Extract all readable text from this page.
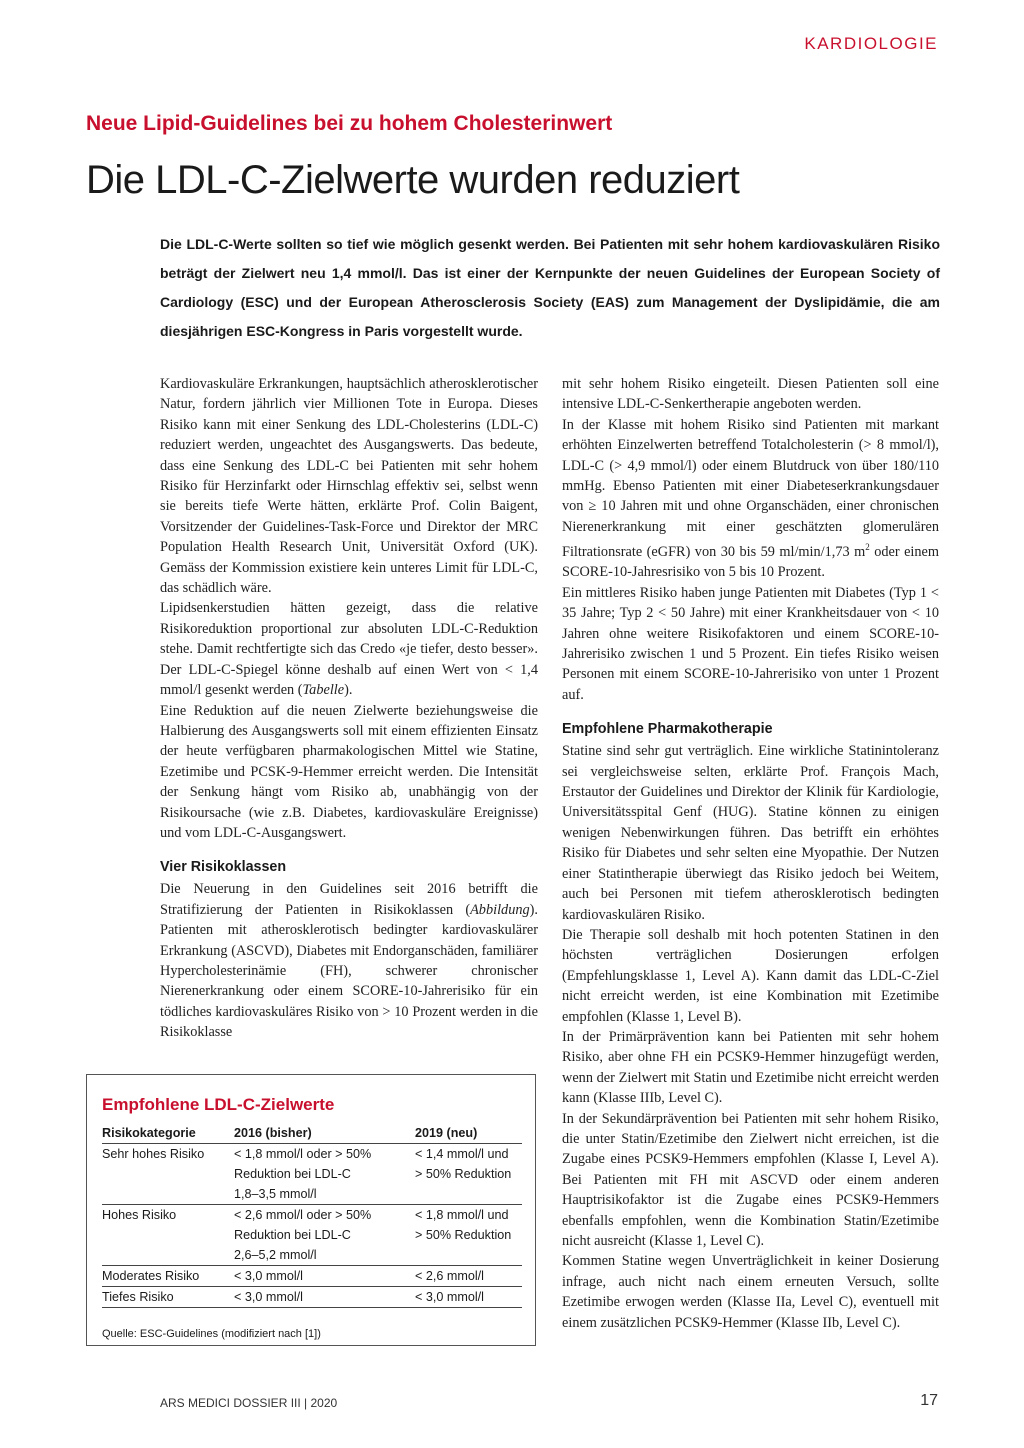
KARDIOLOGIE
Neue Lipid-Guidelines bei zu hohem Cholesterinwert
Die LDL-C-Zielwerte wurden reduziert
Die LDL-C-Werte sollten so tief wie möglich gesenkt werden. Bei Patienten mit sehr hohem kardiovaskulären Risiko beträgt der Zielwert neu 1,4 mmol/l. Das ist einer der Kernpunkte der neuen Guidelines der European Society of Cardiology (ESC) und der European Atherosclerosis Society (EAS) zum Management der Dyslipidämie, die am diesjährigen ESC-Kongress in Paris vorgestellt wurde.

Kardiovaskuläre Erkrankungen, hauptsächlich atherosklerotischer Natur, fordern jährlich vier Millionen Tote in Europa. Dieses Risiko kann mit einer Senkung des LDL-Cholesterins (LDL-C) reduziert werden, ungeachtet des Ausgangswerts. Das bedeute, dass eine Senkung des LDL-C bei Patienten mit sehr hohem Risiko für Herzinfarkt oder Hirnschlag effektiv sei, selbst wenn sie bereits tiefe Werte hätten, erklärte Prof. Colin Baigent, Vorsitzender der Guidelines-Task-Force und Direktor der MRC Population Health Research Unit, Universität Oxford (UK). Gemäss der Kommission existiere kein unteres Limit für LDL-C, das schädlich wäre.

Lipidsenkerstudien hätten gezeigt, dass die relative Risikoreduktion proportional zur absoluten LDL-C-Reduktion stehe. Damit rechtfertigte sich das Credo «je tiefer, desto besser». Der LDL-C-Spiegel könne deshalb auf einen Wert von < 1,4 mmol/l gesenkt werden (Tabelle).

Eine Reduktion auf die neuen Zielwerte beziehungsweise die Halbierung des Ausgangswerts soll mit einem effizienten Einsatz der heute verfügbaren pharmakologischen Mittel wie Statine, Ezetimibe und PCSK-9-Hemmer erreicht werden. Die Intensität der Senkung hängt vom Risiko ab, unabhängig von der Risikoursache (wie z.B. Diabetes, kardiovaskuläre Ereignisse) und vom LDL-C-Ausgangswert.

Vier Risikoklassen

Die Neuerung in den Guidelines seit 2016 betrifft die Stratifizierung der Patienten in Risikoklassen (Abbildung). Patienten mit atherosklerotisch bedingter kardiovaskulärer Erkrankung (ASCVD), Diabetes mit Endorganschäden, familiärer Hypercholesterinämie (FH), schwerer chronischer Nierenerkrankung oder einem SCORE-10-Jahrerisiko für ein tödliches kardiovaskuläres Risiko von > 10 Prozent werden in die Risikoklasse

mit sehr hohem Risiko eingeteilt. Diesen Patienten soll eine intensive LDL-C-Senkertherapie angeboten werden.

In der Klasse mit hohem Risiko sind Patienten mit markant erhöhten Einzelwerten betreffend Totalcholesterin (> 8 mmol/l), LDL-C (> 4,9 mmol/l) oder einem Blutdruck von über 180/110 mmHg. Ebenso Patienten mit einer Diabeteserkrankungsdauer von ≥ 10 Jahren mit und ohne Organschäden, einer chronischen Nierenerkrankung mit einer geschätzten glomerulären Filtrationsrate (eGFR) von 30 bis 59 ml/min/1,73 $m^2$ oder einem SCORE-10-Jahresrisiko von 5 bis 10 Prozent.

Ein mittleres Risiko haben junge Patienten mit Diabetes (Typ 1 < 35 Jahre; Typ 2 < 50 Jahre) mit einer Krankheitsdauer von < 10 Jahren ohne weitere Risikofaktoren und einem SCORE-10-Jahrerisiko zwischen 1 und 5 Prozent. Ein tiefes Risiko weisen Personen mit einem SCORE-10-Jahrerisiko von unter 1 Prozent auf.

Empfohlene Pharmakotherapie

Statine sind sehr gut verträglich. Eine wirkliche Statinintoleranz sei vergleichsweise selten, erklärte Prof. François Mach, Erstautor der Guidelines und Direktor der Klinik für Kardiologie, Universitätsspital Genf (HUG). Statine können zu einigen wenigen Nebenwirkungen führen. Das betrifft ein erhöhtes Risiko für Diabetes und sehr selten eine Myopathie. Der Nutzen einer Statintherapie überwiegt das Risiko jedoch bei Weitem, auch bei Personen mit tiefem atherosklerotisch bedingten kardiovaskulären Risiko.

Die Therapie soll deshalb mit hoch potenten Statinen in den höchsten verträglichen Dosierungen erfolgen (Empfehlungsklasse 1, Level A). Kann damit das LDL-C-Ziel nicht erreicht werden, ist eine Kombination mit Ezetimibe empfohlen (Klasse 1, Level B).

In der Primärprävention kann bei Patienten mit sehr hohem Risiko, aber ohne FH ein PCSK9-Hemmer hinzugefügt werden, wenn der Zielwert mit Statin und Ezetimibe nicht erreicht werden kann (Klasse IIIb, Level C).

In der Sekundärprävention bei Patienten mit sehr hohem Risiko, die unter Statin/Ezetimibe den Zielwert nicht erreichen, ist die Zugabe eines PCSK9-Hemmers empfohlen (Klasse I, Level A). Bei Patienten mit FH mit ASCVD oder einem anderen Hauptrisikofaktor ist die Zugabe eines PCSK9-Hemmers ebenfalls empfohlen, wenn die Kombination Statin/Ezetimibe nicht ausreicht (Klasse 1, Level C).

Kommen Statine wegen Unverträglichkeit in keiner Dosierung infrage, auch nicht nach einem erneuten Versuch, sollte Ezetimibe erwogen werden (Klasse IIa, Level C), eventuell mit einem zusätzlichen PCSK9-Hemmer (Klasse IIb, Level C).

Empfohlene LDL-C-Zielwerte
Risikokategorie	2016 (bisher)	2019 (neu)
Sehr hohes Risiko	< 1,8 mmol/l oder > 50%	< 1,4 mmol/l und
	Reduktion bei LDL-C	> 50% Reduktion
	1,8–3,5 mmol/l	
Hohes Risiko	< 2,6 mmol/l oder > 50%	< 1,8 mmol/l und
	Reduktion bei LDL-C	> 50% Reduktion
	2,6–5,2 mmol/l	
Moderates Risiko	< 3,0 mmol/l	< 2,6 mmol/l
Tiefes Risiko	< 3,0 mmol/l	< 3,0 mmol/l
Quelle: ESC-Guidelines (modifiziert nach [1])
ARS MEDICI DOSSIER III | 2020	17
